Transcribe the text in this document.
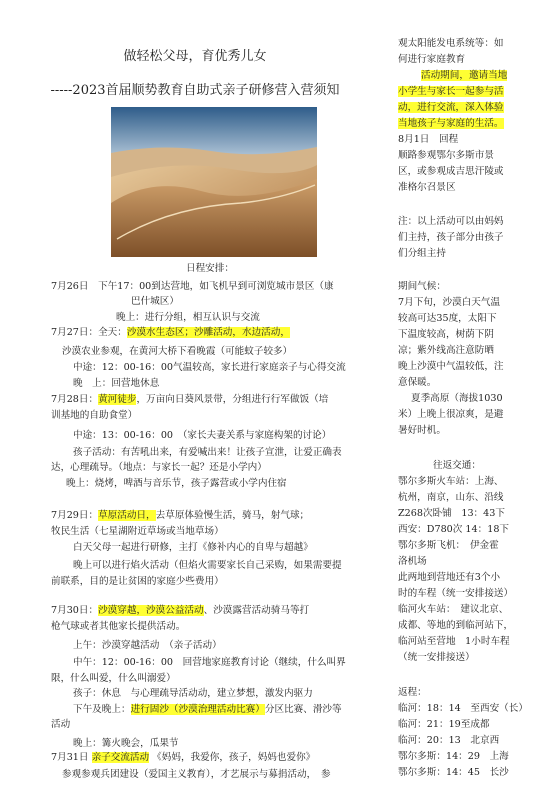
做轻松父母，育优秀儿女
-----2023首届顺势教育自助式亲子研修营入营须知
日程安排：
7月26日　下午17：00到达营地，如飞机早到可浏览城市景区（康
巴什城区）
晚上：进行分组，相互认识与交流
7月27日：全天：沙漠水生态区；沙雕活动，水边活动，
沙漠农业参观，在黄河大桥下看晚霞（可能蚊子较多）
中途：12：00-16：00气温较高，家长进行家庭亲子与心得交流
晚　上：回营地休息
7月28日：黄河徒步，万亩向日葵风景带，分组进行行军做饭（培
训基地的自助食堂）
中途：13：00-16：00　（家长夫妻关系与家庭构架的讨论）
孩子活动：有苦吼出来，有爱喊出来！让孩子宣泄，让爱正确表
达，心理疏导。（地点：与家长一起？还是小学内）
晚上：烧烤，啤酒与音乐节，孩子露营或小学内住宿
7月29日：草原活动日，去草原体验慢生活，骑马，射气球；
牧民生活（七星湖附近草场或当地草场）
白天父母一起进行研修，主打《修补内心的自卑与超越》
晚上可以进行焰火活动（但焰火需要家长自己采购，如果需要提
前联系，目的是让贫困的家庭少些费用）
7月30日：沙漠穿越，沙漠公益活动、沙漠露营活动骑马等打
枪气球或者其他家长提供活动。
上午：沙漠穿越活动　（亲子活动）
中午：12：00-16：00　回营地家庭教育讨论（继续，什么叫界
限，什么叫爱，什么叫溺爱）
孩子：休息　与心理疏导活动动，建立梦想，激发内驱力
下午及晚上：进行固沙（沙漠治理活动比赛）分区比赛、滑沙等
活动
晚上：篝火晚会，瓜果节
7月31日 亲子交流活动 《妈妈，我爱你，孩子，妈妈也爱你》
参观参观兵团建设（爱国主义教育），才艺展示与募捐活动，　参
观太阳能发电系统等：如
何进行家庭教育
活动期间，邀请当地
小学生与家长一起参与活
动，进行交流，深入体验
当地孩子与家庭的生活。
8月1日　回程
顺路参观鄂尔多斯市景
区，或参观成吉思汗陵或
准格尔召景区
注：以上活动可以由妈妈
们主持，孩子部分由孩子
们分组主持
期间气候：
7月下旬，沙漠白天气温
较高可达35度，太阳下
下温度较高，树荫下阴
凉；紫外线高注意防晒
晚上沙漠中气温较低，注
意保暖。
夏季高原（海拔1030
米）上晚上很凉爽，是避
暑好时机。
往返交通：
鄂尔多斯火车站：上海、
杭州，南京，山东、沿线
Z268次卧铺　13：43下
西安：D780次 14：18下
鄂尔多斯飞机：　伊金霍
洛机场
此两地到营地还有3个小
时的车程（统一安排接送）
临河火车站：　建议北京、
成都、等地的到临河站下，
临河站至营地　1小时车程
（统一安排接送）
返程：
临河：18：14　至西安（长）
临河：21：19至成都
临河：20：13　北京西
鄂尔多斯：14：29　上海
鄂尔多斯：14：45　长沙
